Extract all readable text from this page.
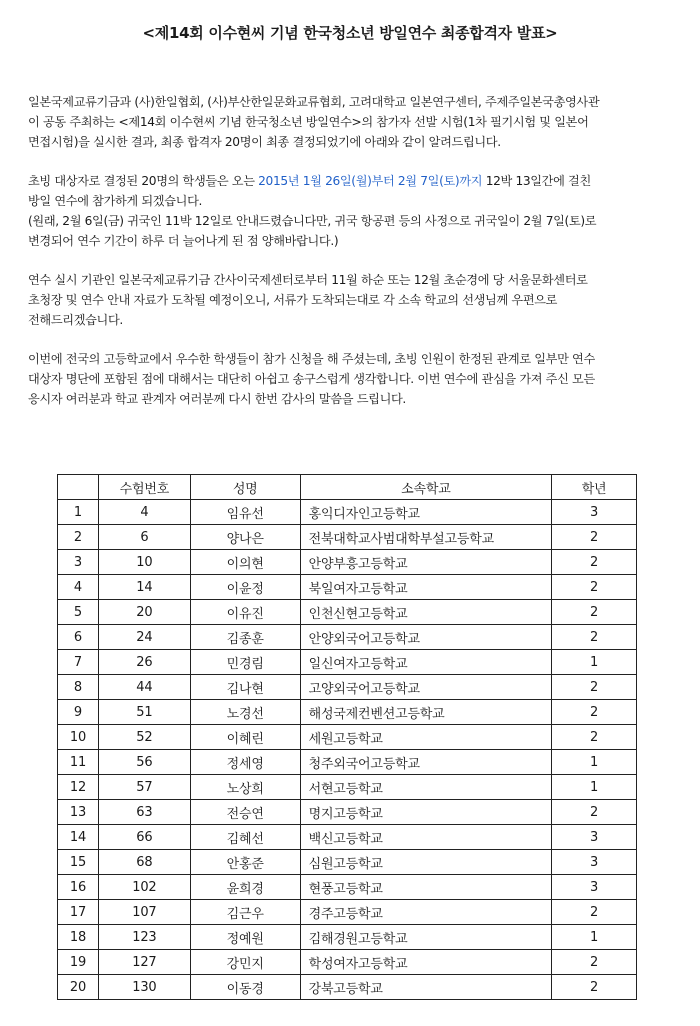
<제14회 이수현씨 기념 한국청소년 방일연수 최종합격자 발표>

일본국제교류기금과 (사)한일협회, (사)부산한일문화교류협회, 고려대학교 일본연구센터, 주제주일본국총영사관
이 공동 주최하는 <제14회 이수현씨 기념 한국청소년 방일연수>의 참가자 선발 시험(1차 필기시험 및 일본어
면접시험)을 실시한 결과, 최종 합격자 20명이 최종 결정되었기에 아래와 같이 알려드립니다.

초빙 대상자로 결정된 20명의 학생들은 오는 2015년 1월 26일(월)부터 2월 7일(토)까지 12박 13일간에 걸친
방일 연수에 참가하게 되겠습니다.
(원래, 2월 6일(금) 귀국인 11박 12일로 안내드렸습니다만, 귀국 항공편 등의 사정으로 귀국일이 2월 7일(토)로
변경되어 연수 기간이 하루 더 늘어나게 된 점 양해바랍니다.)

연수 실시 기관인 일본국제교류기금 간사이국제센터로부터 11월 하순 또는 12월 초순경에 당 서울문화센터로
초청장 및 연수 안내 자료가 도착될 예정이오니, 서류가 도착되는대로 각 소속 학교의 선생님께 우편으로
전해드리겠습니다.

이번에 전국의 고등학교에서 우수한 학생들이 참가 신청을 해 주셨는데, 초빙 인원이 한정된 관계로 일부만 연수
대상자 명단에 포함된 점에 대해서는 대단히 아쉽고 송구스럽게 생각합니다. 이번 연수에 관심을 가져 주신 모든
응시자 여러분과 학교 관계자 여러분께 다시 한번 감사의 말씀을 드립니다.

	수험번호	성명	소속학교	학년
1	4	임유선	홍익디자인고등학교	3
2	6	양나은	전북대학교사범대학부설고등학교	2
3	10	이의현	안양부흥고등학교	2
4	14	이윤정	북일여자고등학교	2
5	20	이유진	인천신현고등학교	2
6	24	김종훈	안양외국어고등학교	2
7	26	민경림	일신여자고등학교	1
8	44	김나현	고양외국어고등학교	2
9	51	노경선	해성국제컨벤션고등학교	2
10	52	이혜린	세원고등학교	2
11	56	정세영	청주외국어고등학교	1
12	57	노상희	서현고등학교	1
13	63	전승연	명지고등학교	2
14	66	김혜선	백신고등학교	3
15	68	안홍준	심원고등학교	3
16	102	윤희경	현풍고등학교	3
17	107	김근우	경주고등학교	2
18	123	정예원	김해경원고등학교	1
19	127	강민지	학성여자고등학교	2
20	130	이동경	강북고등학교	2
